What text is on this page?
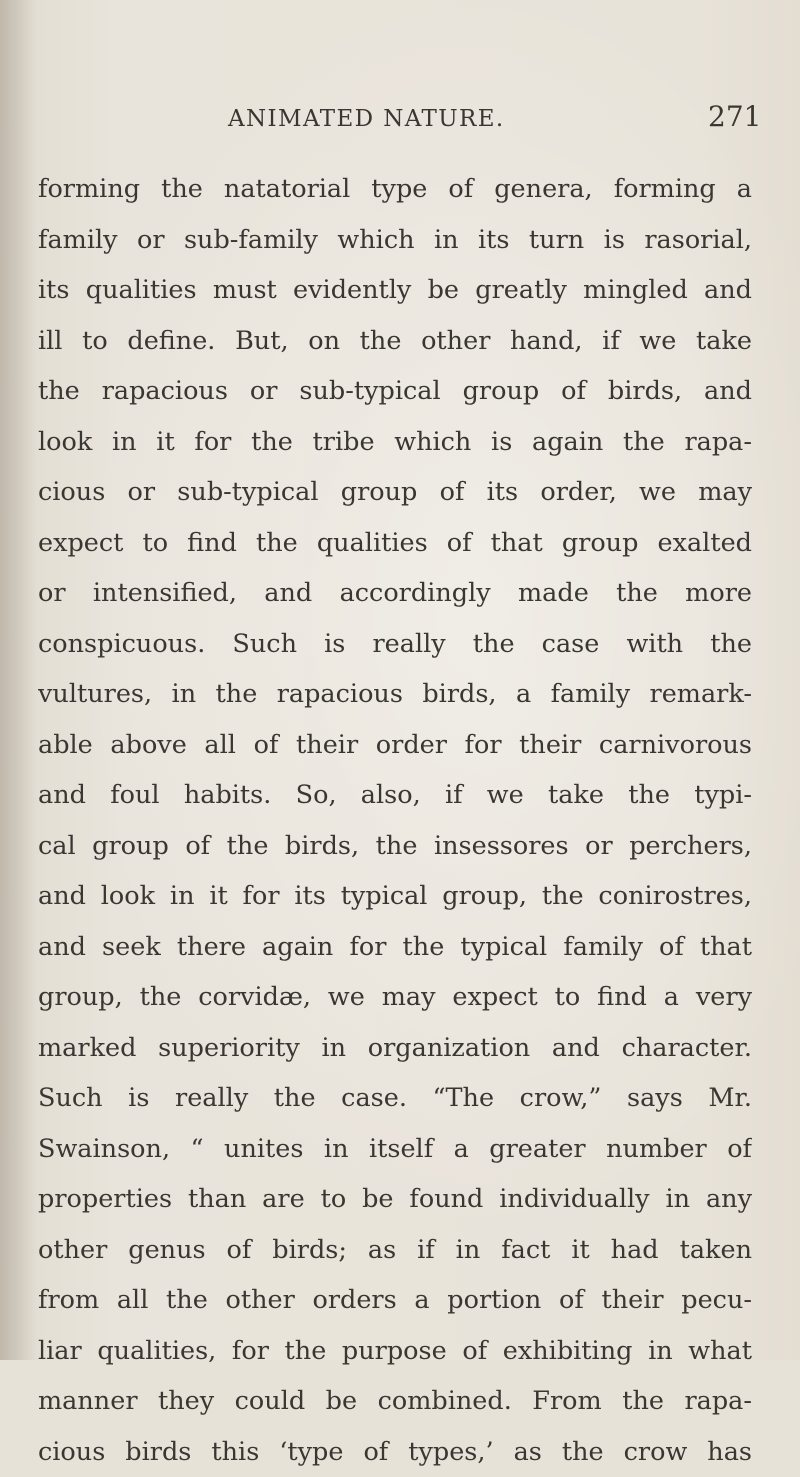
ANIMATED NATURE.	271
forming the natatorial type of genera, forming a
family or sub-family which in its turn is rasorial,
its qualities must evidently be greatly mingled and
ill to define. But, on the other hand, if we take
the rapacious or sub-typical group of birds, and
look in it for the tribe which is again the rapa-
cious or sub-typical group of its order, we may
expect to find the qualities of that group exalted
or intensified, and accordingly made the more
conspicuous. Such is really the case with the
vultures, in the rapacious birds, a family remark-
able above all of their order for their carnivorous
and foul habits. So, also, if we take the typi-
cal group of the birds, the insessores or perchers,
and look in it for its typical group, the conirostres,
and seek there again for the typical family of that
group, the corvidæ, we may expect to find a very
marked superiority in organization and character.
Such is really the case. “The crow,” says Mr.
Swainson, “ unites in itself a greater number of
properties than are to be found individually in any
other genus of birds; as if in fact it had taken
from all the other orders a portion of their pecu-
liar qualities, for the purpose of exhibiting in what
manner they could be combined. From the rapa-
cious birds this ‘type of types,’ as the crow has
